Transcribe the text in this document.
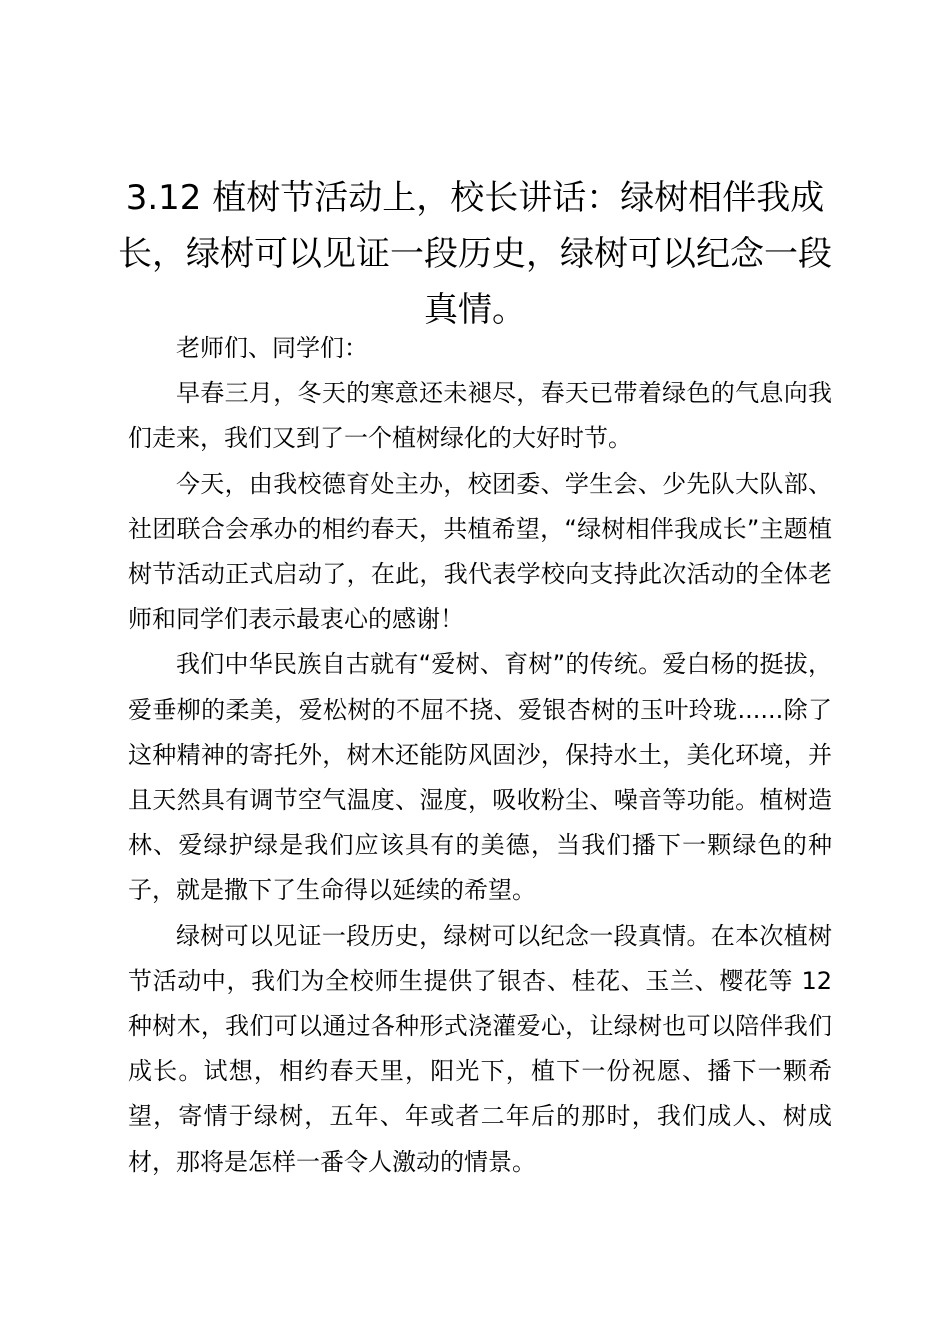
3.12 植树节活动上，校长讲话：绿树相伴我成长，绿树可以见证一段历史，绿树可以纪念一段真情。

老师们、同学们：

早春三月，冬天的寒意还未褪尽，春天已带着绿色的气息向我们走来，我们又到了一个植树绿化的大好时节。

今天，由我校德育处主办，校团委、学生会、少先队大队部、社团联合会承办的相约春天，共植希望，“绿树相伴我成长”主题植树节活动正式启动了，在此，我代表学校向支持此次活动的全体老师和同学们表示最衷心的感谢！

我们中华民族自古就有“爱树、育树”的传统。爱白杨的挺拔，爱垂柳的柔美，爱松树的不屈不挠、爱银杏树的玉叶玲珑......除了这种精神的寄托外，树木还能防风固沙，保持水土，美化环境，并且天然具有调节空气温度、湿度，吸收粉尘、噪音等功能。植树造林、爱绿护绿是我们应该具有的美德，当我们播下一颗绿色的种子，就是撒下了生命得以延续的希望。

绿树可以见证一段历史，绿树可以纪念一段真情。在本次植树节活动中，我们为全校师生提供了银杏、桂花、玉兰、樱花等 12 种树木，我们可以通过各种形式浇灌爱心，让绿树也可以陪伴我们成长。试想，相约春天里，阳光下，植下一份祝愿、播下一颗希望，寄情于绿树，五年、年或者二年后的那时，我们成人、树成材，那将是怎样一番令人激动的情景。
